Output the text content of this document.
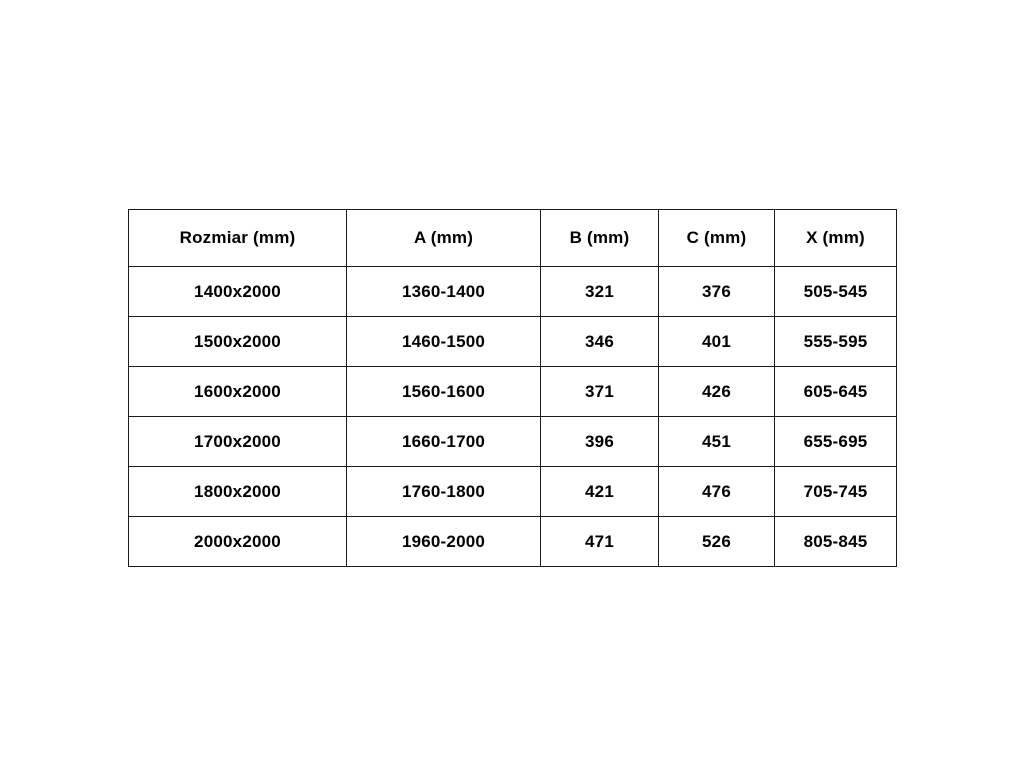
Rozmiar (mm)	A (mm)	B (mm)	C (mm)	X (mm)
1400x2000	1360-1400	321	376	505-545
1500x2000	1460-1500	346	401	555-595
1600x2000	1560-1600	371	426	605-645
1700x2000	1660-1700	396	451	655-695
1800x2000	1760-1800	421	476	705-745
2000x2000	1960-2000	471	526	805-845
